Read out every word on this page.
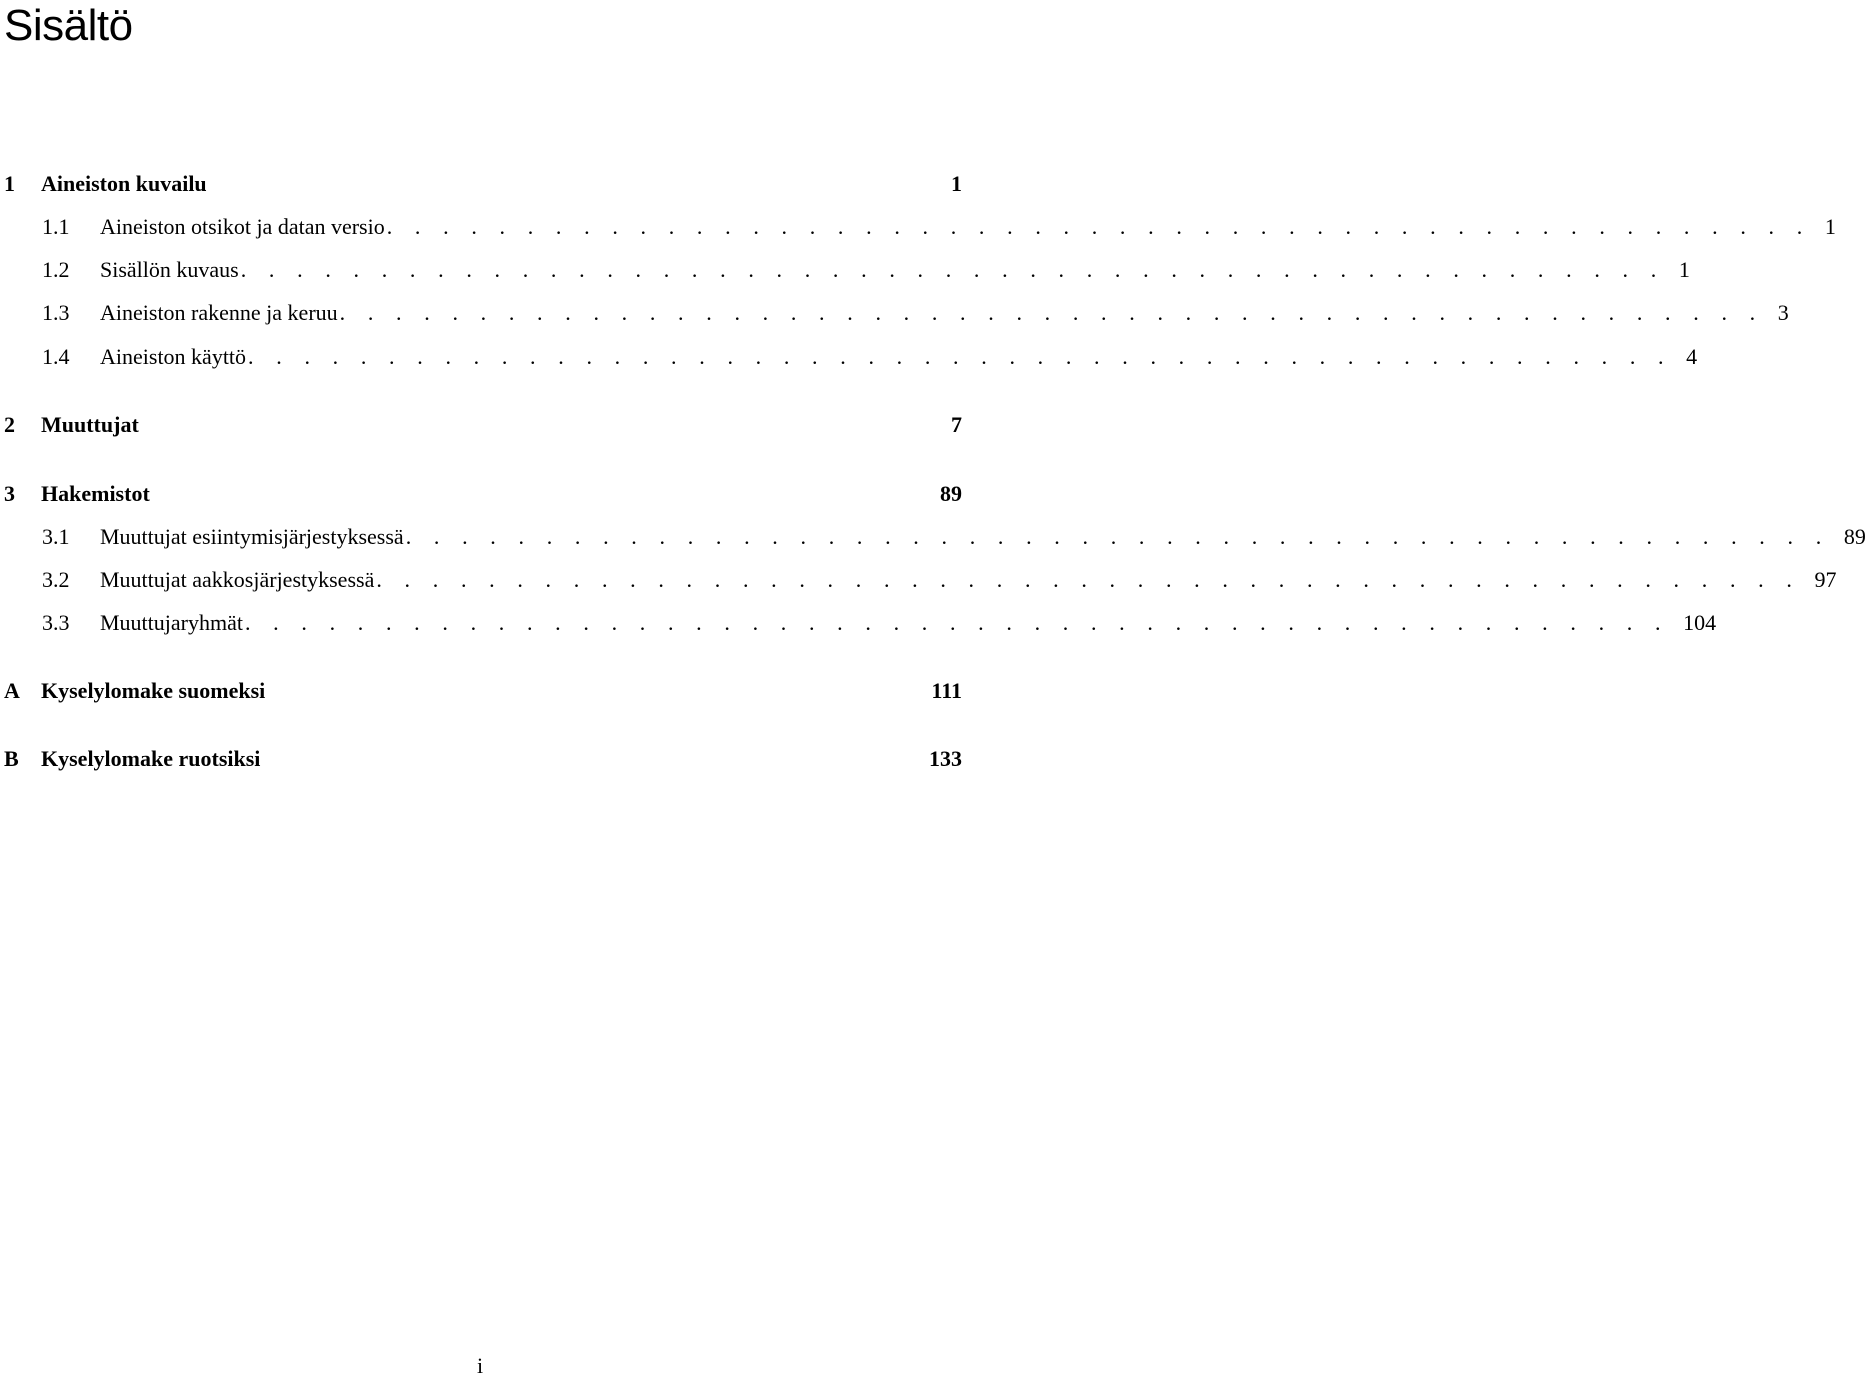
Sisältö
1	Aineiston kuvailu	1
1.1	Aineiston otsikot ja datan versio . . . . . . . . . . . . . . . . . . . . . . . . . . . . . . . . . . . . . . . . . . . . . . . . . . . 1
1.2	Sisällön kuvaus . . . . . . . . . . . . . . . . . . . . . . . . . . . . . . . . . . . . . . . . . . . . . . . . . . . 1
1.3	Aineiston rakenne ja keruu . . . . . . . . . . . . . . . . . . . . . . . . . . . . . . . . . . . . . . . . . . . . . . . . . . . 3
1.4	Aineiston käyttö . . . . . . . . . . . . . . . . . . . . . . . . . . . . . . . . . . . . . . . . . . . . . . . . . . . 4
2	Muuttujat	7
3	Hakemistot	89
3.1	Muuttujat esiintymisjärjestyksessä . . . . . . . . . . . . . . . . . . . . . . . . . . . . . . . . . . . . . . . . . . . . . . . . . . . 89
3.2	Muuttujat aakkosjärjestyksessä . . . . . . . . . . . . . . . . . . . . . . . . . . . . . . . . . . . . . . . . . . . . . . . . . . . 97
3.3	Muuttujaryhmät . . . . . . . . . . . . . . . . . . . . . . . . . . . . . . . . . . . . . . . . . . . . . . . . . . . 104
A Kyselylomake suomeksi	111
B	Kyselylomake ruotsiksi	133
i
